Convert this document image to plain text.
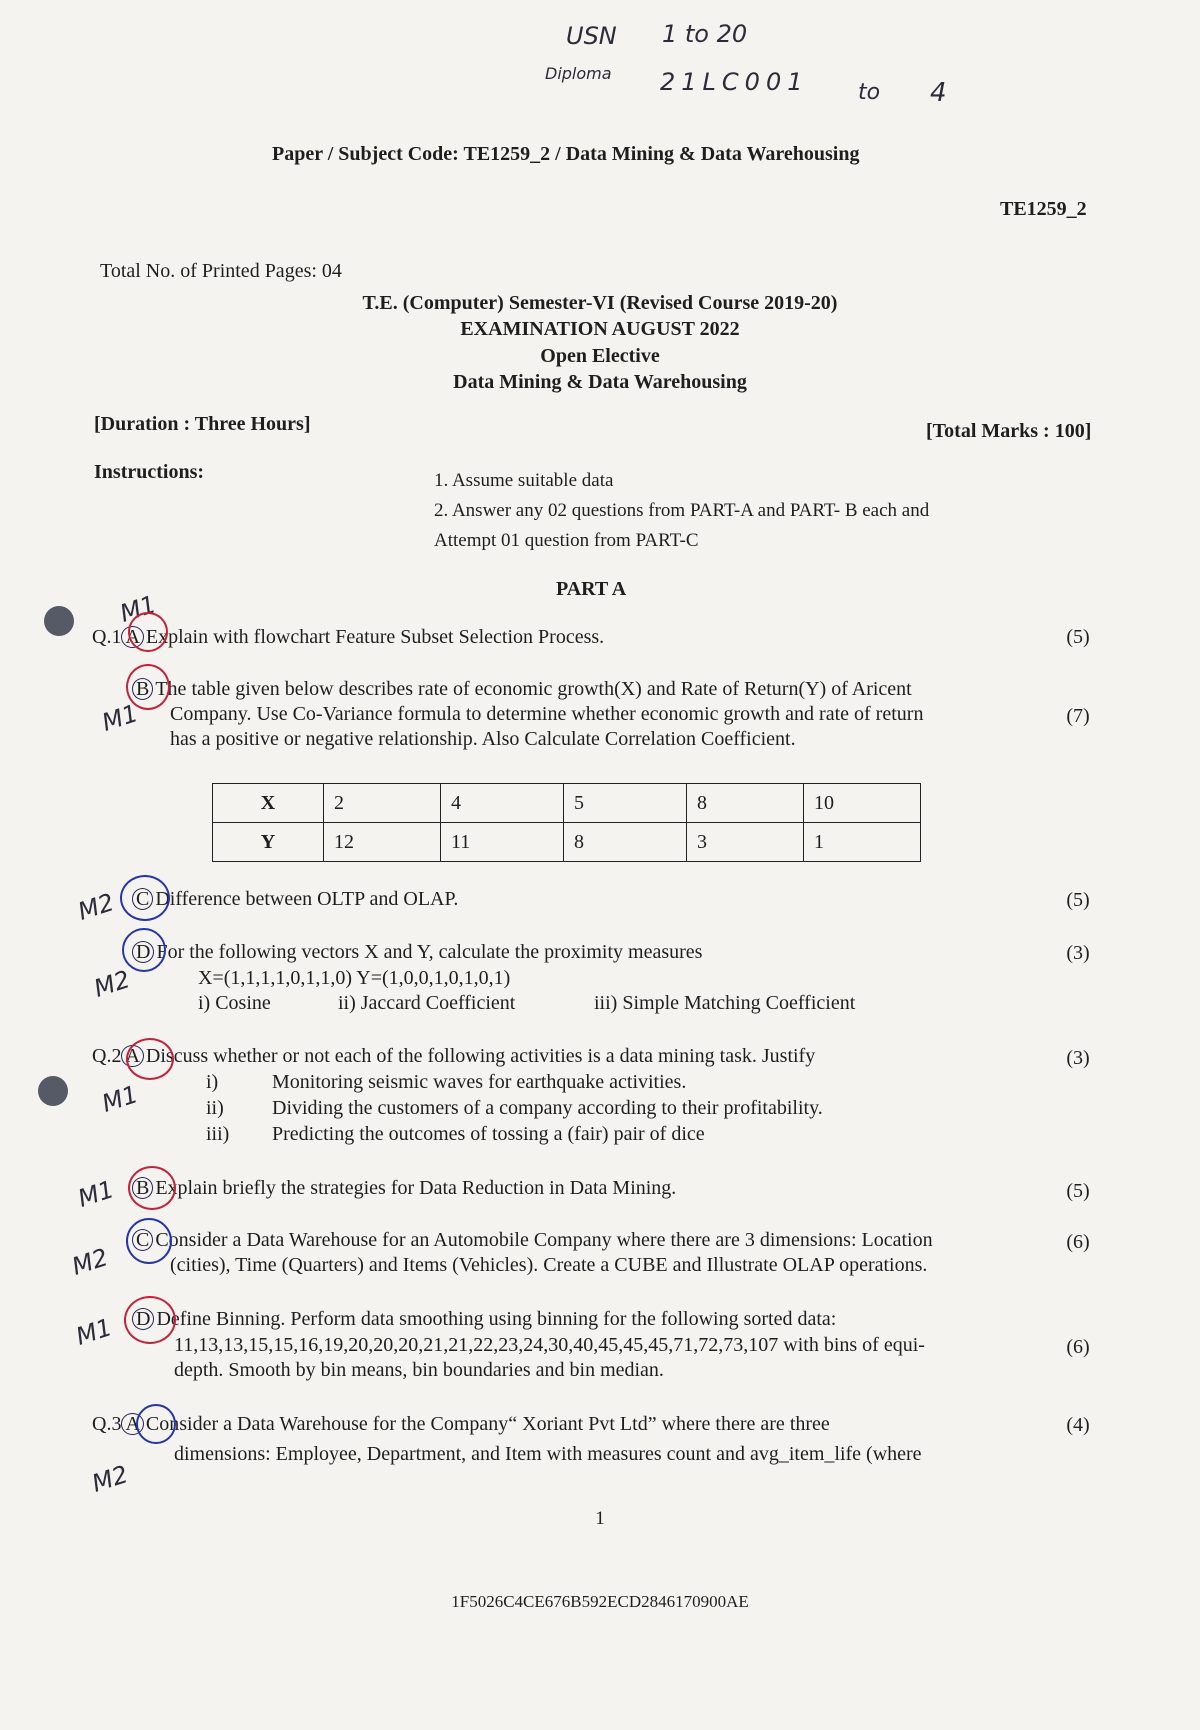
USN 1 to 20
Diploma 21LC001 to 4
Paper / Subject Code: TE1259_2 / Data Mining & Data Warehousing
TE1259_2
Total No. of Printed Pages: 04
T.E. (Computer) Semester-VI (Revised Course 2019-20)
EXAMINATION AUGUST 2022
Open Elective
Data Mining & Data Warehousing
[Duration : Three Hours]	[Total Marks : 100]
Instructions:	1. Assume suitable data
2. Answer any 02 questions from PART-A and PART- B each and
Attempt 01 question from PART-C
PART A
Q.1 A Explain with flowchart Feature Subset Selection Process.	(5)
B The table given below describes rate of economic growth(X) and Rate of Return(Y) of Aricent
Company. Use Co-Variance formula to determine whether economic growth and rate of return
has a positive or negative relationship. Also Calculate Correlation Coefficient.
(7)
X	2	4	5	8	10
Y	12	11	8	3	1
C Difference between OLTP and OLAP.	(5)
D For the following vectors X and Y, calculate the proximity measures
X=(1,1,1,1,0,1,1,0) Y=(1,0,0,1,0,1,0,1)
i) Cosine	ii) Jaccard Coefficient	iii) Simple Matching Coefficient
(3)
Q.2 A Discuss whether or not each of the following activities is a data mining task. Justify	(3)
i)	Monitoring seismic waves for earthquake activities.
ii) Dividing the customers of a company according to their profitability.
iii) Predicting the outcomes of tossing a (fair) pair of dice
B Explain briefly the strategies for Data Reduction in Data Mining.	(5)
C Consider a Data Warehouse for an Automobile Company where there are 3 dimensions: Location
(cities), Time (Quarters) and Items (Vehicles). Create a CUBE and Illustrate OLAP operations.
(6)
D Define Binning. Perform data smoothing using binning for the following sorted data:
11,13,13,15,15,16,19,20,20,20,21,21,22,23,24,30,40,45,45,45,71,72,73,107 with bins of equi-
depth. Smooth by bin means, bin boundaries and bin median.
(6)
Q.3 A Consider a Data Warehouse for the Company“ Xoriant Pvt Ltd” where there are three
dimensions: Employee, Department, and Item with measures count and avg_item_life (where
(4)
1
1F5026C4CE676B592ECD2846170900AE
M1
M1
M2
M2
M1
M1
M2
M1
M2
